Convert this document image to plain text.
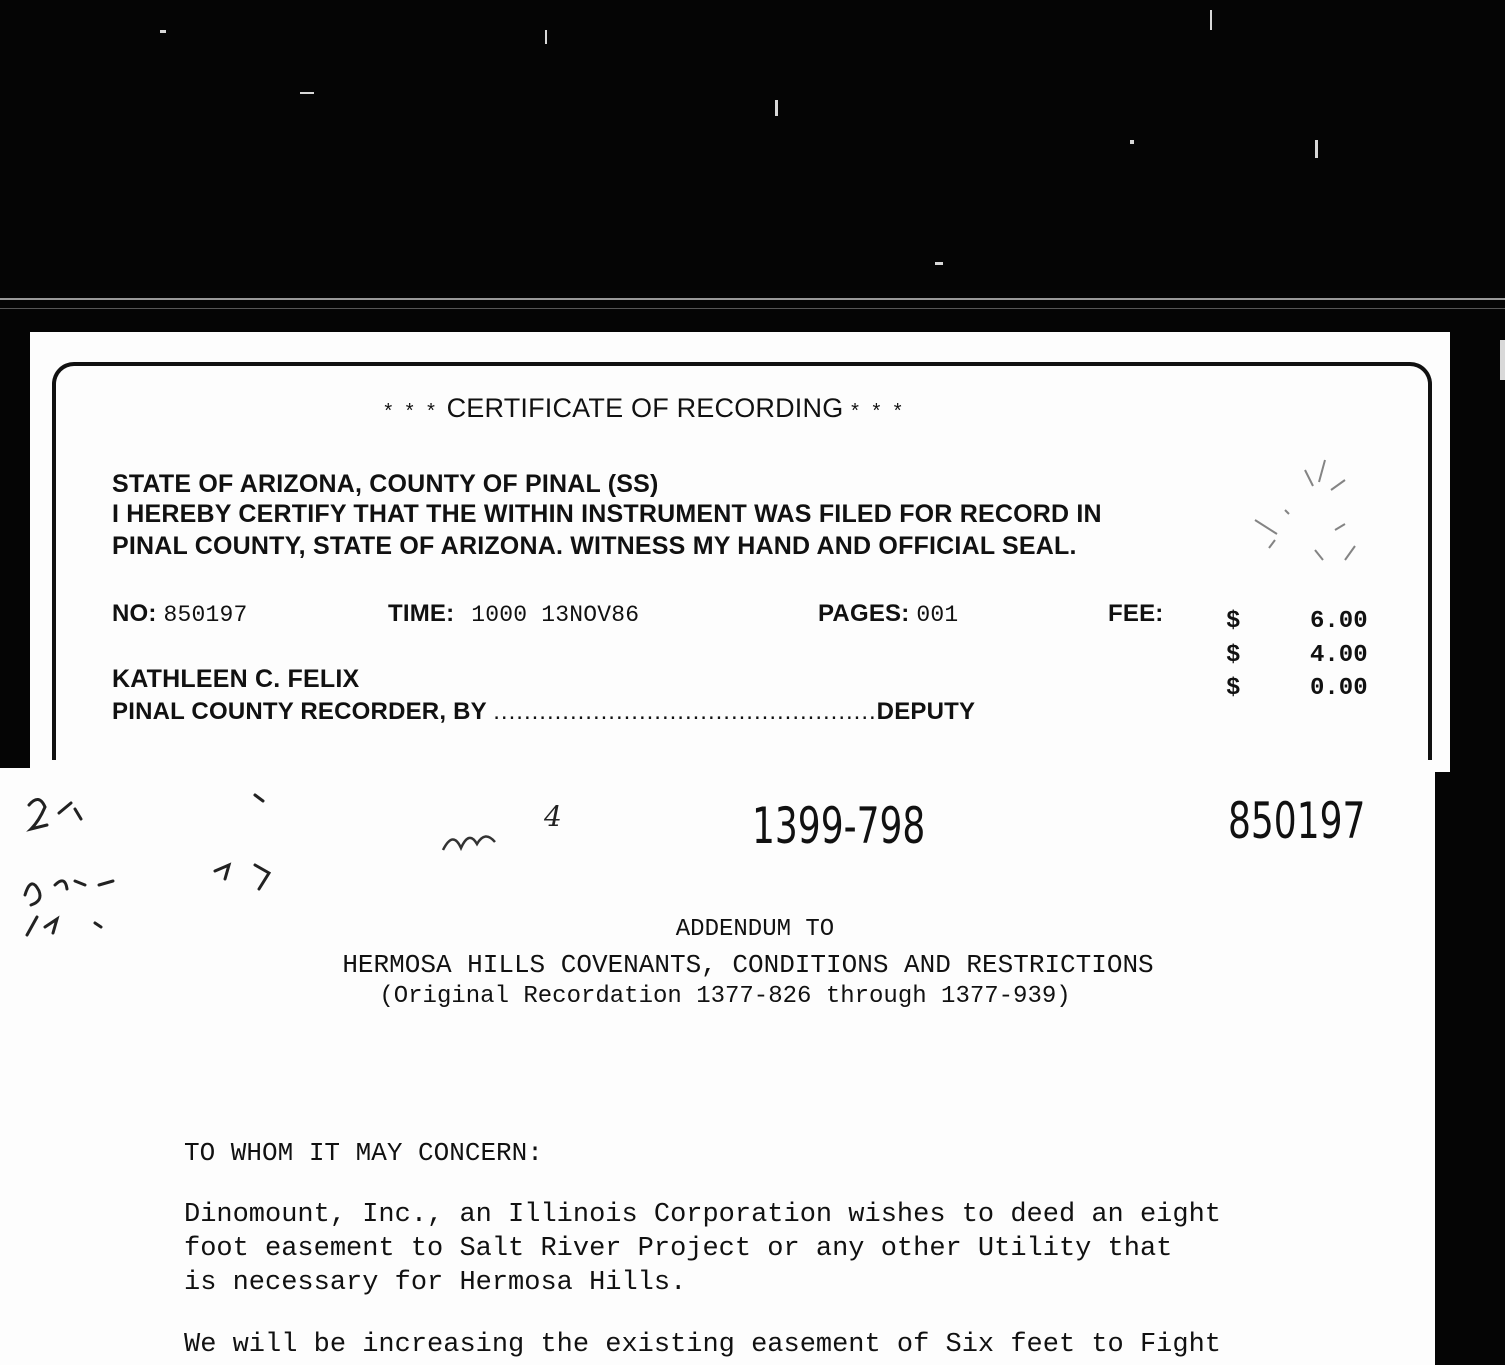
* * * CERTIFICATE OF RECORDING * * *
STATE OF ARIZONA, COUNTY OF PINAL (SS)
I HEREBY CERTIFY THAT THE WITHIN INSTRUMENT WAS FILED FOR RECORD IN
PINAL COUNTY, STATE OF ARIZONA. WITNESS MY HAND AND OFFICIAL SEAL.
NO: 850197	TIME: 1000 13NOV86	PAGES: 001	FEE:	$	6.00
$	4.00
$	0.00
KATHLEEN C. FELIX
PINAL COUNTY RECORDER, BY ..................................................DEPUTY
4	1399-798	850197
ADDENDUM TO
HERMOSA HILLS COVENANTS, CONDITIONS AND RESTRICTIONS
(Original Recordation 1377-826 through 1377-939)
TO WHOM IT MAY CONCERN:
Dinomount, Inc., an Illinois Corporation wishes to deed an eight
foot easement to Salt River Project or any other Utility that
is necessary for Hermosa Hills.
We will be increasing the existing easement of Six feet to Fight
